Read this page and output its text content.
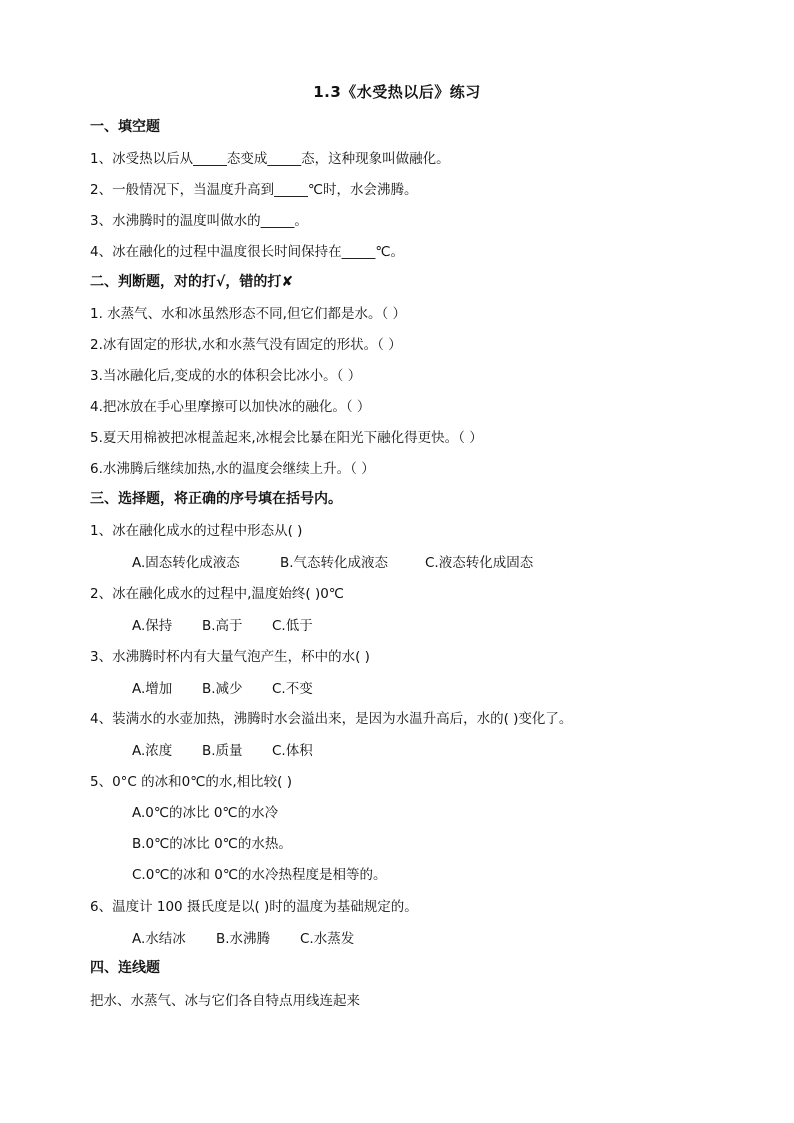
1.3《水受热以后》练习
一、填空题
1、冰受热以后从_____态变成_____态，这种现象叫做融化。
2、一般情况下，当温度升高到_____℃时，水会沸腾。
3、水沸腾时的温度叫做水的_____。
4、冰在融化的过程中温度很长时间保持在_____℃。
二、判断题，对的打√，错的打✘
1. 水蒸气、水和冰虽然形态不同,但它们都是水。（ ）
2.冰有固定的形状,水和水蒸气没有固定的形状。（ ）
3.当冰融化后,变成的水的体积会比冰小。（ ）
4.把冰放在手心里摩擦可以加快冰的融化。（ ）
5.夏天用棉被把冰棍盖起来,冰棍会比暴在阳光下融化得更快。（ ）
6.水沸腾后继续加热,水的温度会继续上升。（ ）
三、选择题，将正确的序号填在括号内。
1、冰在融化成水的过程中形态从( )
A.固态转化成液态	B.气态转化成液态	C.液态转化成固态
2、冰在融化成水的过程中,温度始终( )0℃
A.保持 B.高于 C.低于
3、水沸腾时杯内有大量气泡产生，杯中的水( )
A.增加 B.减少 C.不变
4、装满水的水壶加热，沸腾时水会溢出来，是因为水温升高后，水的( )变化了。
A.浓度 B.质量 C.体积
5、0°C 的冰和0℃的水,相比较( )
A.0℃的冰比 0℃的水冷
B.0℃的冰比 0℃的水热。
C.0℃的冰和 0℃的水冷热程度是相等的。
6、温度计 100 摄氏度是以( )时的温度为基础规定的。
A.水结冰 B.水沸腾 C.水蒸发
四、连线题
把水、水蒸气、冰与它们各自特点用线连起来
